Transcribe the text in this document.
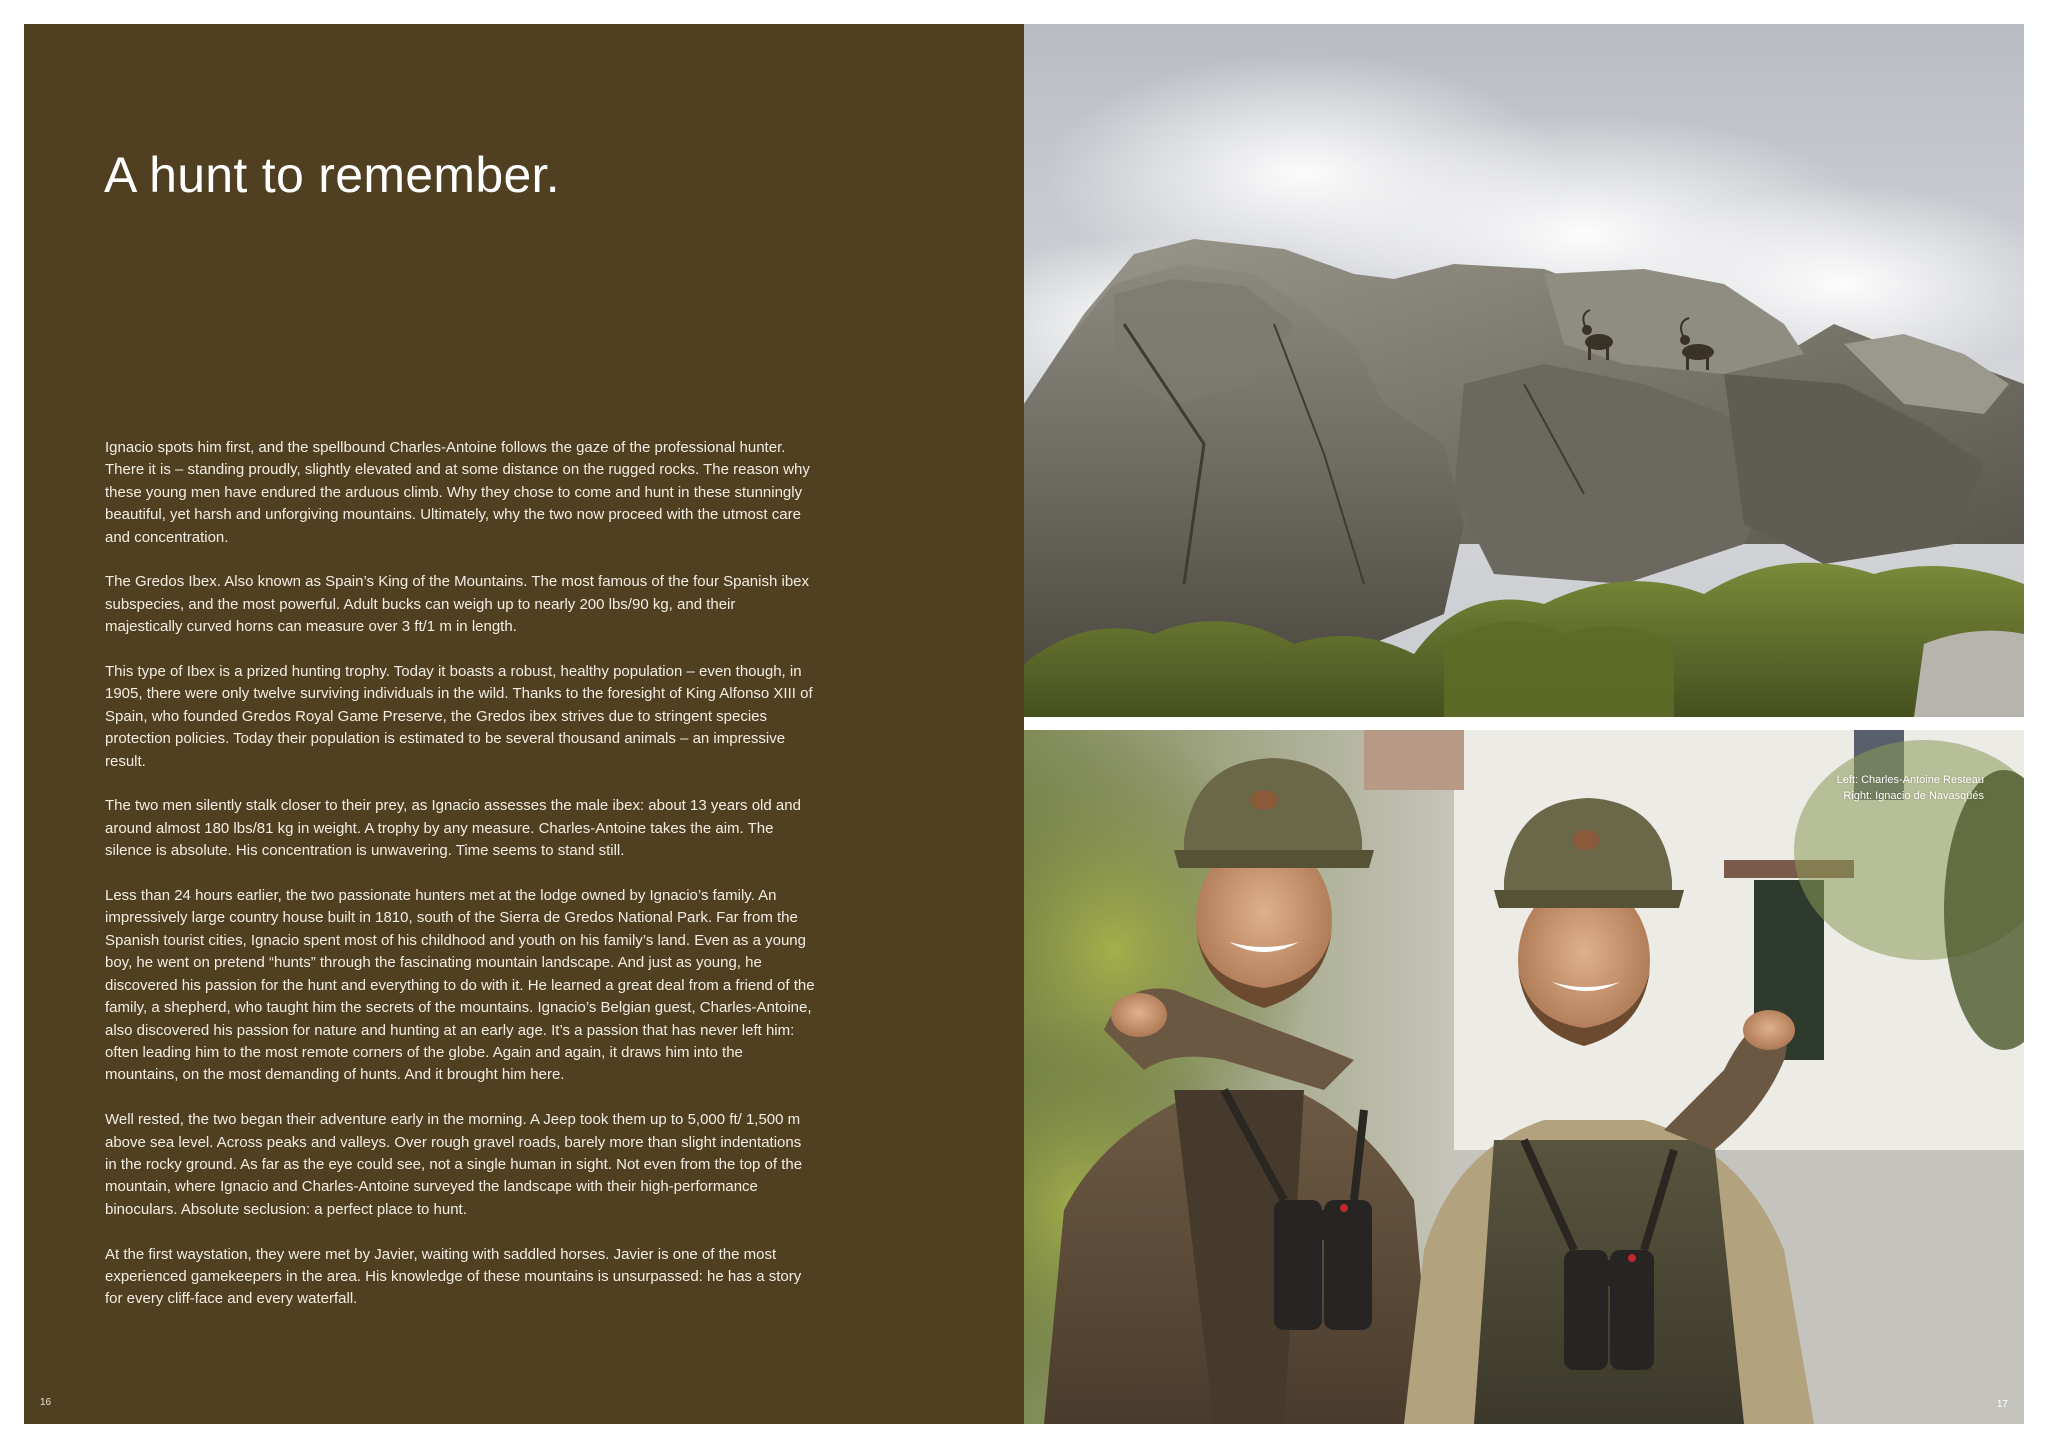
A hunt to remember.

Ignacio spots him first, and the spellbound Charles-Antoine follows the gaze of the professional hunter. There it is – standing proudly, slightly elevated and at some distance on the rugged rocks. The reason why these young men have endured the arduous climb. Why they chose to come and hunt in these stunningly beautiful, yet harsh and unforgiving mountains. Ultimately, why the two now proceed with the utmost care and concentration.

The Gredos Ibex. Also known as Spain’s King of the Mountains. The most famous of the four Spanish ibex subspecies, and the most powerful. Adult bucks can weigh up to nearly 200 lbs/90 kg, and their majestically curved horns can measure over 3 ft/1 m in length.

This type of Ibex is a prized hunting trophy. Today it boasts a robust, healthy population – even though, in 1905, there were only twelve surviving individuals in the wild. Thanks to the foresight of King Alfonso XIII of Spain, who founded Gredos Royal Game Preserve, the Gredos ibex strives due to stringent species protection policies. Today their population is estimated to be several thousand animals – an impressive result.

The two men silently stalk closer to their prey, as Ignacio assesses the male ibex: about 13 years old and around almost 180 lbs/81 kg in weight. A trophy by any measure. Charles-Antoine takes the aim. The silence is absolute. His concentration is unwavering. Time seems to stand still.

Less than 24 hours earlier, the two passionate hunters met at the lodge owned by Ignacio’s family. An impressively large country house built in 1810, south of the Sierra de Gredos National Park. Far from the Spanish tourist cities, Ignacio spent most of his childhood and youth on his family’s land. Even as a young boy, he went on pretend “hunts” through the fascinating mountain landscape. And just as young, he discovered his passion for the hunt and everything to do with it. He learned a great deal from a friend of the family, a shepherd, who taught him the secrets of the mountains. Ignacio’s Belgian guest, Charles-Antoine, also discovered his passion for nature and hunting at an early age. It’s a passion that has never left him: often leading him to the most remote corners of the globe. Again and again, it draws him into the mountains, on the most demanding of hunts. And it brought him here.

Well rested, the two began their adventure early in the morning. A Jeep took them up to 5,000 ft/ 1,500 m above sea level. Across peaks and valleys. Over rough gravel roads, barely more than slight indentations in the rocky ground. As far as the eye could see, not a single human in sight. Not even from the top of the mountain, where Ignacio and Charles-Antoine surveyed the landscape with their high-performance binoculars. Absolute seclusion: a perfect place to hunt.

At the first waystation, they were met by Javier, waiting with saddled horses. Javier is one of the most experienced gamekeepers in the area. His knowledge of these mountains is unsurpassed: he has a story for every cliff-face and every waterfall.

16
Left: Charles-Antoine Resteau
Right: Ignacio de Navasqüés
17
